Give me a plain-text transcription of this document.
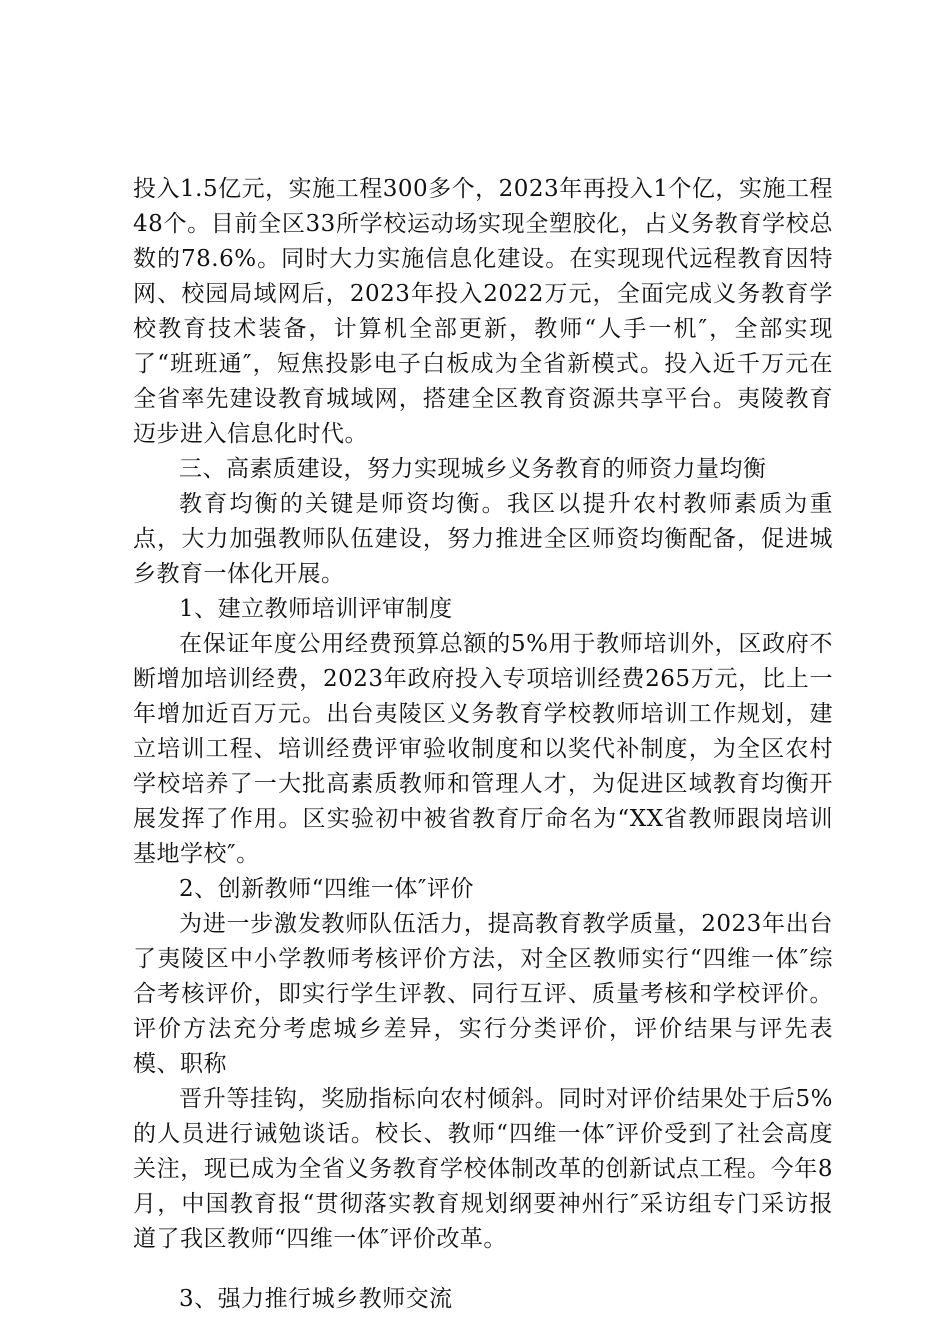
投入1.5亿元，实施工程300多个，2023年再投入1个亿，实施工程48个。目前全区33所学校运动场实现全塑胶化，占义务教育学校总数的78.6%。同时大力实施信息化建设。在实现现代远程教育因特网、校园局域网后，2023年投入2022万元，全面完成义务教育学校教育技术装备，计算机全部更新，教师“人手一机″，全部实现了“班班通″，短焦投影电子白板成为全省新模式。投入近千万元在全省率先建设教育城域网，搭建全区教育资源共享平台。夷陵教育迈步进入信息化时代。

三、高素质建设，努力实现城乡义务教育的师资力量均衡

教育均衡的关键是师资均衡。我区以提升农村教师素质为重点，大力加强教师队伍建设，努力推进全区师资均衡配备，促进城乡教育一体化开展。

1、建立教师培训评审制度

在保证年度公用经费预算总额的5%用于教师培训外，区政府不断增加培训经费，2023年政府投入专项培训经费265万元，比上一年增加近百万元。出台夷陵区义务教育学校教师培训工作规划，建立培训工程、培训经费评审验收制度和以奖代补制度，为全区农村学校培养了一大批高素质教师和管理人才，为促进区域教育均衡开展发挥了作用。区实验初中被省教育厅命名为“XX省教师跟岗培训基地学校″。

2、创新教师“四维一体″评价

为进一步激发教师队伍活力，提高教育教学质量，2023年出台了夷陵区中小学教师考核评价方法，对全区教师实行“四维一体″综合考核评价，即实行学生评教、同行互评、质量考核和学校评价。评价方法充分考虑城乡差异，实行分类评价，评价结果与评先表模、职称

晋升等挂钩，奖励指标向农村倾斜。同时对评价结果处于后5%的人员进行诫勉谈话。校长、教师“四维一体″评价受到了社会高度关注，现已成为全省义务教育学校体制改革的创新试点工程。今年8月，中国教育报“贯彻落实教育规划纲要神州行″采访组专门采访报道了我区教师“四维一体″评价改革。

3、强力推行城乡教师交流
